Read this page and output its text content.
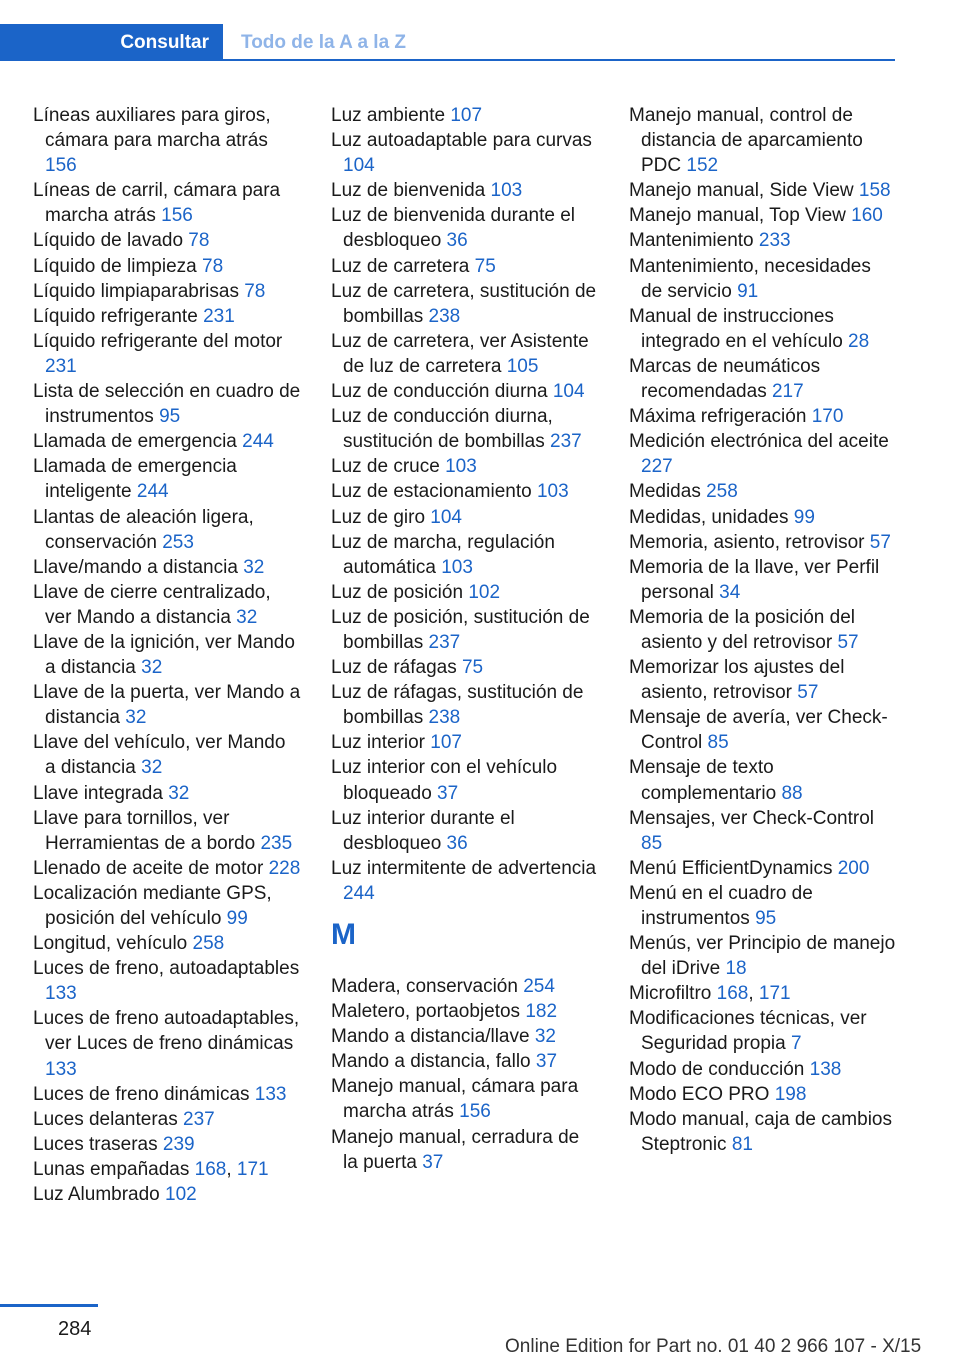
Consultar	Todo de la A a la Z
Líneas auxiliares para giros, cámara para marcha atrás 156
Líneas de carril, cámara para marcha atrás 156
Líquido de lavado 78
Líquido de limpieza 78
Líquido limpiaparabrisas 78
Líquido refrigerante 231
Líquido refrigerante del motor 231
Lista de selección en cuadro de instrumentos 95
Llamada de emergencia 244
Llamada de emergencia inteligente 244
Llantas de aleación ligera, conservación 253
Llave/mando a distancia 32
Llave de cierre centralizado, ver Mando a distancia 32
Llave de la ignición, ver Mando a distancia 32
Llave de la puerta, ver Mando a distancia 32
Llave del vehículo, ver Mando a distancia 32
Llave integrada 32
Llave para tornillos, ver Herramientas de a bordo 235
Llenado de aceite de motor 228
Localización mediante GPS, posición del vehículo 99
Longitud, vehículo 258
Luces de freno, autoadaptables 133
Luces de freno autoadaptables, ver Luces de freno dinámicas 133
Luces de freno dinámicas 133
Luces delanteras 237
Luces traseras 239
Lunas empañadas 168, 171
Luz Alumbrado 102
Luz ambiente 107
Luz autoadaptable para curvas 104
Luz de bienvenida 103
Luz de bienvenida durante el desbloqueo 36
Luz de carretera 75
Luz de carretera, sustitución de bombillas 238
Luz de carretera, ver Asistente de luz de carretera 105
Luz de conducción diurna 104
Luz de conducción diurna, sustitución de bombillas 237
Luz de cruce 103
Luz de estacionamiento 103
Luz de giro 104
Luz de marcha, regulación automática 103
Luz de posición 102
Luz de posición, sustitución de bombillas 237
Luz de ráfagas 75
Luz de ráfagas, sustitución de bombillas 238
Luz interior 107
Luz interior con el vehículo bloqueado 37
Luz interior durante el desbloqueo 36
Luz intermitente de advertencia 244
M
Madera, conservación 254
Maletero, portaobjetos 182
Mando a distancia/llave 32
Mando a distancia, fallo 37
Manejo manual, cámara para marcha atrás 156
Manejo manual, cerradura de la puerta 37
Manejo manual, control de distancia de aparcamiento PDC 152
Manejo manual, Side View 158
Manejo manual, Top View 160
Mantenimiento 233
Mantenimiento, necesidades de servicio 91
Manual de instrucciones integrado en el vehículo 28
Marcas de neumáticos recomendadas 217
Máxima refrigeración 170
Medición electrónica del aceite 227
Medidas 258
Medidas, unidades 99
Memoria, asiento, retrovisor 57
Memoria de la llave, ver Perfil personal 34
Memoria de la posición del asiento y del retrovisor 57
Memorizar los ajustes del asiento, retrovisor 57
Mensaje de avería, ver Check-Control 85
Mensaje de texto complementario 88
Mensajes, ver Check-Control 85
Menú EfficientDynamics 200
Menú en el cuadro de instrumentos 95
Menús, ver Principio de manejo del iDrive 18
Microfiltro 168, 171
Modificaciones técnicas, ver Seguridad propia 7
Modo de conducción 138
Modo ECO PRO 198
Modo manual, caja de cambios Steptronic 81
284
Online Edition for Part no. 01 40 2 966 107 - X/15
